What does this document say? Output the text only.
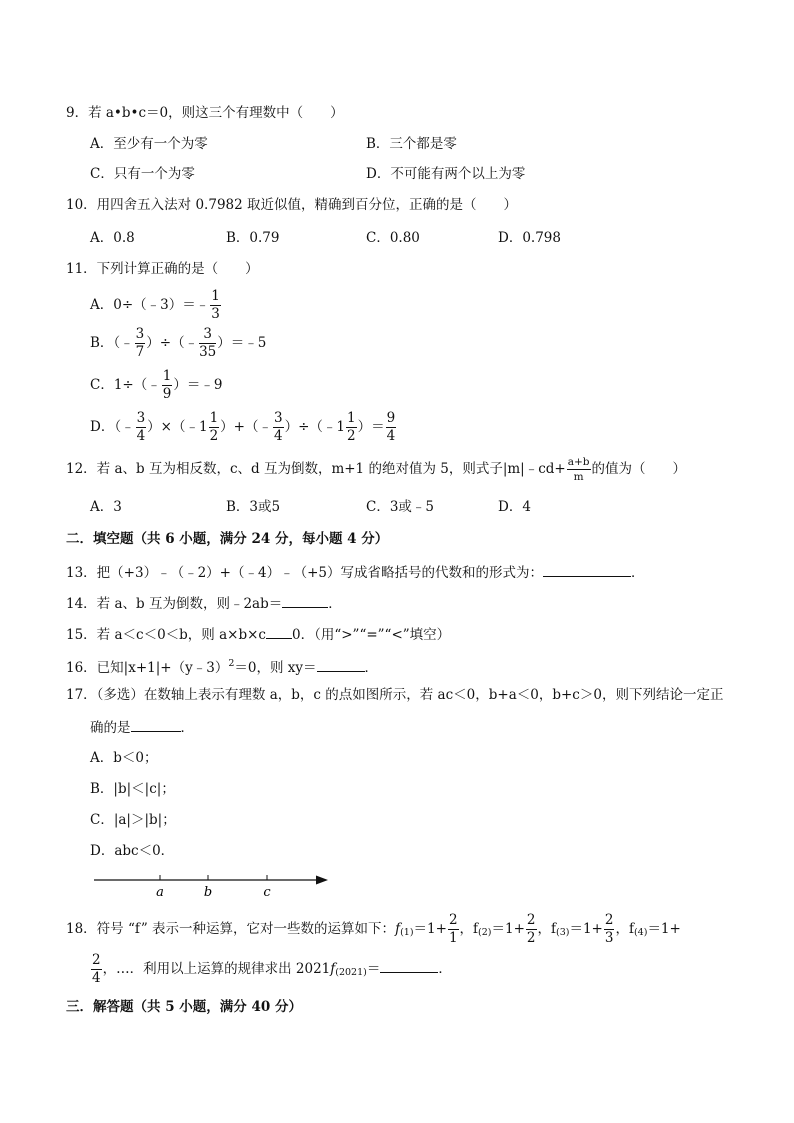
9．若 a•b•c＝0，则这三个有理数中（　　）
A．至少有一个为零	B．三个都是零
C．只有一个为零	D．不可能有两个以上为零
10．用四舍五入法对 0.7982 取近似值，精确到百分位，正确的是（　　）
A．0.8	B．0.79	C．0.80	D．0.798
11．下列计算正确的是（　　）
A．0÷（﹣3）＝﹣ $\frac{1}{3}$
B．（﹣ $\frac{3}{7}$ ）÷（﹣ $\frac{3}{35}$ ）＝﹣5
C．1÷（﹣ $\frac{1}{9}$ ）＝﹣9
D．（﹣ $\frac{3}{4}$ ）×（﹣1 $\frac{1}{2}$ ）+（﹣ $\frac{3}{4}$ ）÷（﹣1 $\frac{1}{2}$ ）＝ $\frac{9}{4}$
12．若 a、b 互为相反数，c、d 互为倒数，m+1 的绝对值为 5，则式子|m|﹣cd+ $\frac{a+b}{m}$ 的值为（　　）
A．3	B．3或5	C．3或﹣5	D．4
二．填空题（共 6 小题，满分 24 分，每小题 4 分）
13．把（+3）﹣（﹣2）+（﹣4）﹣（+5）写成省略括号的代数和的形式为：	．
14．若 a、b 互为倒数，则﹣2ab＝	．
15．若 a＜c＜0＜b，则 a×b×c 0．（用“>”“=”“<”填空）
16．已知|x+1|+（y﹣3）$^2$＝0，则 xy＝	．
17．（多选）在数轴上表示有理数 a，b，c 的点如图所示，若 ac＜0，b+a＜0，b+c＞0，则下列结论一定正
确的是	．
A．b＜0；
B．|b|＜|c|；
C．|a|＞|b|；
D．abc＜0．
a	b	c
18．符号 “f” 表示一种运算，它对一些数的运算如下：$f_{(1)}=1+ \frac{2}{1}$ ，$f_{(2)}=1+ \frac{2}{2}$ ，$f_{(3)}=1+ \frac{2}{3}$ ，$f_{(4)}=1+$
$\frac{2}{4}$ ，…．利用以上运算的规律求出 $2021f_{(2021)}=$	．
三．解答题（共 5 小题，满分 40 分）
